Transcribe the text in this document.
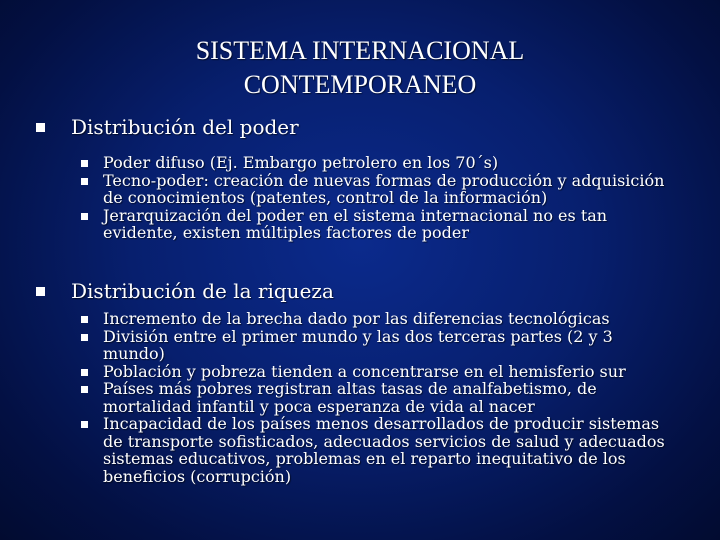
SISTEMA INTERNACIONAL
CONTEMPORANEO
Distribución del poder
Poder difuso (Ej. Embargo petrolero en los 70´s)
Tecno-poder: creación de nuevas formas de producción y adquisición de conocimientos (patentes, control de la información)
Jerarquización del poder en el sistema internacional no es tan evidente, existen múltiples factores de poder
Distribución de la riqueza
Incremento de la brecha dado por las diferencias tecnológicas
División entre el primer mundo y las dos terceras partes (2 y 3 mundo)
Población y pobreza tienden a concentrarse en el hemisferio sur
Países más pobres registran altas tasas de analfabetismo, de mortalidad infantil y poca esperanza de vida al nacer
Incapacidad de los países menos desarrollados de producir sistemas de transporte sofisticados, adecuados servicios de salud y adecuados sistemas educativos, problemas en el reparto inequitativo de los beneficios (corrupción)
